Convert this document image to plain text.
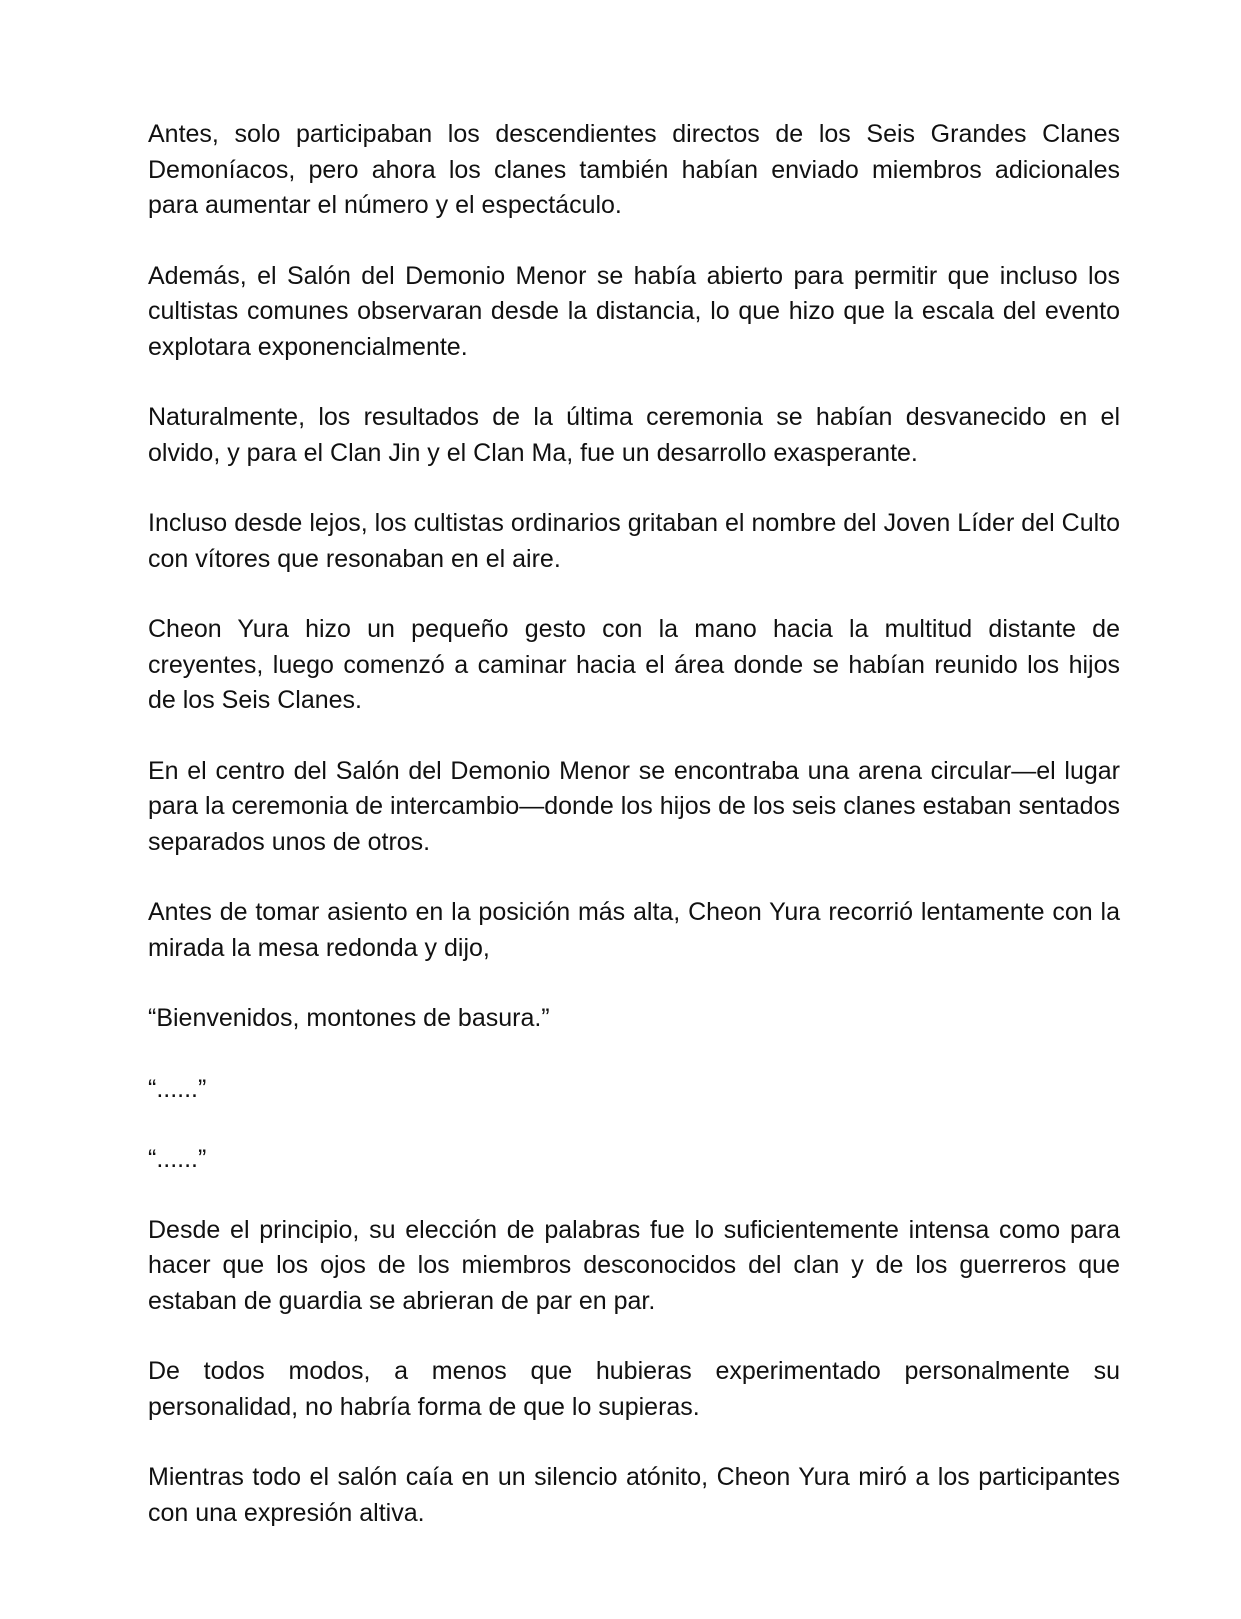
Antes, solo participaban los descendientes directos de los Seis Grandes Clanes Demoníacos, pero ahora los clanes también habían enviado miembros adicionales para aumentar el número y el espectáculo.

Además, el Salón del Demonio Menor se había abierto para permitir que incluso los cultistas comunes observaran desde la distancia, lo que hizo que la escala del evento explotara exponencialmente.

Naturalmente, los resultados de la última ceremonia se habían desvanecido en el olvido, y para el Clan Jin y el Clan Ma, fue un desarrollo exasperante.

Incluso desde lejos, los cultistas ordinarios gritaban el nombre del Joven Líder del Culto con vítores que resonaban en el aire.

Cheon Yura hizo un pequeño gesto con la mano hacia la multitud distante de creyentes, luego comenzó a caminar hacia el área donde se habían reunido los hijos de los Seis Clanes.

En el centro del Salón del Demonio Menor se encontraba una arena circular—el lugar para la ceremonia de intercambio—donde los hijos de los seis clanes estaban sentados separados unos de otros.

Antes de tomar asiento en la posición más alta, Cheon Yura recorrió lentamente con la mirada la mesa redonda y dijo,

“Bienvenidos, montones de basura.”

“......”

“......”

Desde el principio, su elección de palabras fue lo suficientemente intensa como para hacer que los ojos de los miembros desconocidos del clan y de los guerreros que estaban de guardia se abrieran de par en par.

De todos modos, a menos que hubieras experimentado personalmente su personalidad, no habría forma de que lo supieras.

Mientras todo el salón caía en un silencio atónito, Cheon Yura miró a los participantes con una expresión altiva.
